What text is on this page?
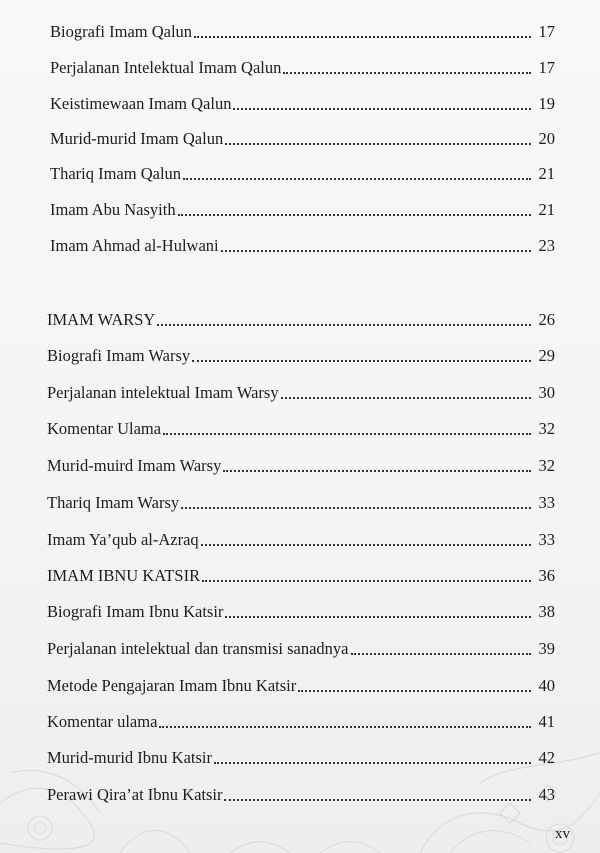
Biografi Imam Qalun	17
Perjalanan Intelektual Imam Qalun	17
Keistimewaan Imam Qalun	19
Murid-murid Imam Qalun	20
Thariq Imam Qalun	21
Imam Abu Nasyith	21
Imam Ahmad al-Hulwani	23
IMAM WARSY	26
Biografi Imam Warsy	29
Perjalanan intelektual Imam Warsy	30
Komentar Ulama	32
Murid-muird Imam Warsy	32
Thariq Imam Warsy	33
Imam Ya’qub al-Azraq	33
IMAM IBNU KATSIR	36
Biografi Imam Ibnu Katsir	38
Perjalanan intelektual dan transmisi sanadnya	39
Metode Pengajaran Imam Ibnu Katsir	40
Komentar ulama	41
Murid-murid Ibnu Katsir	42
Perawi Qira’at Ibnu Katsir	43
xv
